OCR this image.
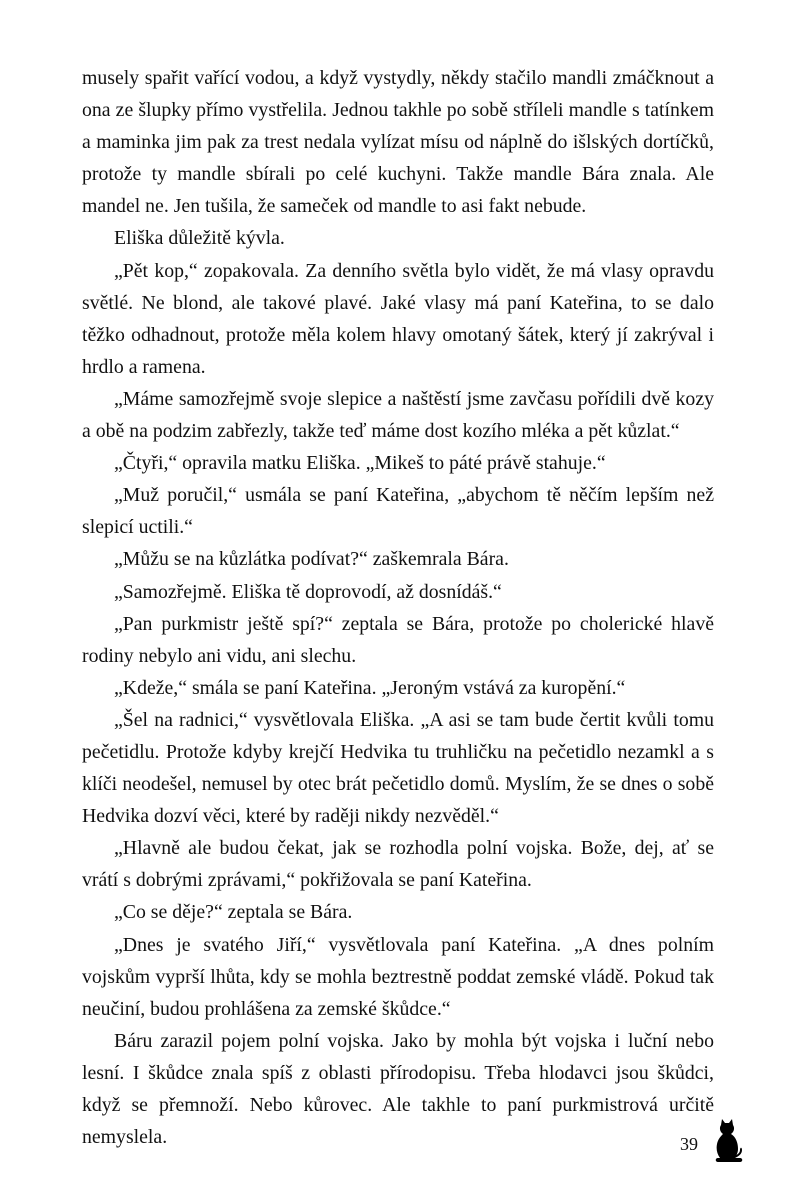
musely spařit vařící vodou, a když vystydly, někdy stačilo mandli zmáčknout a ona ze šlupky přímo vystřelila. Jednou takhle po sobě stříleli mandle s tatínkem a maminka jim pak za trest nedala vylízat mísu od náplně do išlských dortíčků, protože ty mandle sbírali po celé kuchyni. Takže mandle Bára znala. Ale mandel ne. Jen tušila, že sameček od mandle to asi fakt nebude.

Eliška důležitě kývla.

„Pět kop,“ zopakovala. Za denního světla bylo vidět, že má vlasy opravdu světlé. Ne blond, ale takové plavé. Jaké vlasy má paní Kateřina, to se dalo těžko odhadnout, protože měla kolem hlavy omotaný šátek, který jí zakrýval i hrdlo a ramena.

„Máme samozřejmě svoje slepice a naštěstí jsme zavčasu pořídili dvě kozy a obě na podzim zabřezly, takže teď máme dost kozího mléka a pět kůzlat.“

„Čtyři,“ opravila matku Eliška. „Mikeš to páté právě stahuje.“

„Muž poručil,“ usmála se paní Kateřina, „abychom tě něčím lepším než slepicí uctili.“

„Můžu se na kůzlátka podívat?“ zaškemrala Bára.

„Samozřejmě. Eliška tě doprovodí, až dosnídáš.“

„Pan purkmistr ještě spí?“ zeptala se Bára, protože po cholerické hlavě rodiny nebylo ani vidu, ani slechu.

„Kdeže,“ smála se paní Kateřina. „Jeroným vstává za kuropění.“

„Šel na radnici,“ vysvětlovala Eliška. „A asi se tam bude čertit kvůli tomu pečetidlu. Protože kdyby krejčí Hedvika tu truhličku na pečetidlo nezamkl a s klíči neodešel, nemusel by otec brát pečetidlo domů. Myslím, že se dnes o sobě Hedvika dozví věci, které by raději nikdy nezvěděl.“

„Hlavně ale budou čekat, jak se rozhodla polní vojska. Bože, dej, ať se vrátí s dobrými zprávami,“ pokřižovala se paní Kateřina.

„Co se děje?“ zeptala se Bára.

„Dnes je svatého Jiří,“ vysvětlovala paní Kateřina. „A dnes polním vojskům vyprší lhůta, kdy se mohla beztrestně poddat zemské vládě. Pokud tak neučiní, budou prohlášena za zemské škůdce.“

Báru zarazil pojem polní vojska. Jako by mohla být vojska i luční nebo lesní. I škůdce znala spíš z oblasti přírodopisu. Třeba hlodavci jsou škůdci, když se přemnoží. Nebo kůrovec. Ale takhle to paní purkmistrová určitě nemyslela.	39
